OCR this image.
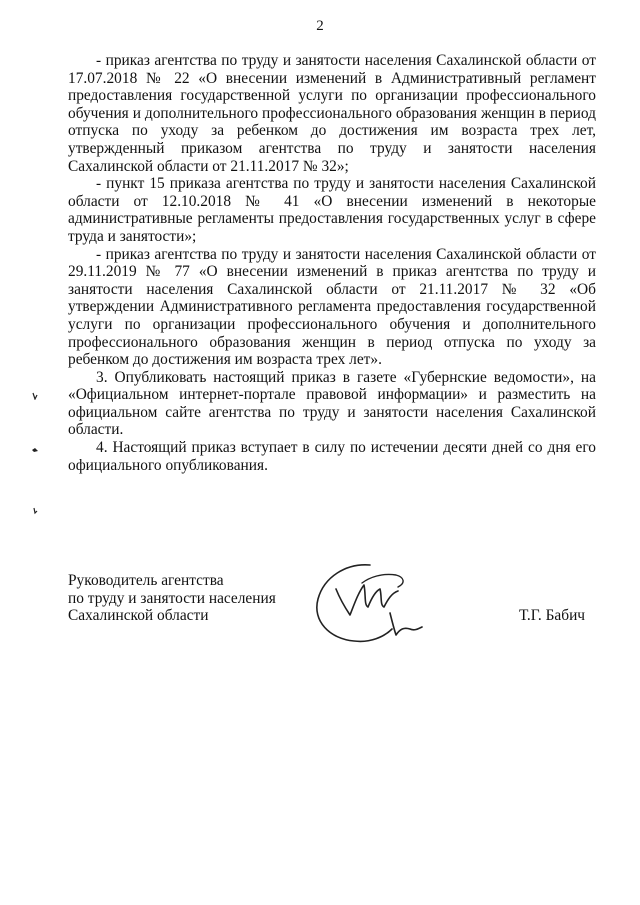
2

- приказ агентства по труду и занятости населения Сахалинской области от 17.07.2018 № 22 «О внесении изменений в Административный регламент предоставления государственной услуги по организации профессионального обучения и дополнительного профессионального образования женщин в период отпуска по уходу за ребенком до достижения им возраста трех лет, утвержденный приказом агентства по труду и занятости населения Сахалинской области от 21.11.2017 № 32»;

- пункт 15 приказа агентства по труду и занятости населения Сахалинской области от 12.10.2018 № 41 «О внесении изменений в некоторые административные регламенты предоставления государственных услуг в сфере труда и занятости»;

- приказ агентства по труду и занятости населения Сахалинской области от 29.11.2019 № 77 «О внесении изменений в приказ агентства по труду и занятости населения Сахалинской области от 21.11.2017 № 32 «Об утверждении Административного регламента предоставления государственной услуги по организации профессионального обучения и дополнительного профессионального образования женщин в период отпуска по уходу за ребенком до достижения им возраста трех лет».

3. Опубликовать настоящий приказ в газете «Губернские ведомости», на «Официальном интернет-портале правовой информации» и разместить на официальном сайте агентства по труду и занятости населения Сахалинской области.

4. Настоящий приказ вступает в силу по истечении десяти дней со дня его официального опубликования.

Руководитель агентства
по труду и занятости населения
Сахалинской области	Т.Г. Бабич
